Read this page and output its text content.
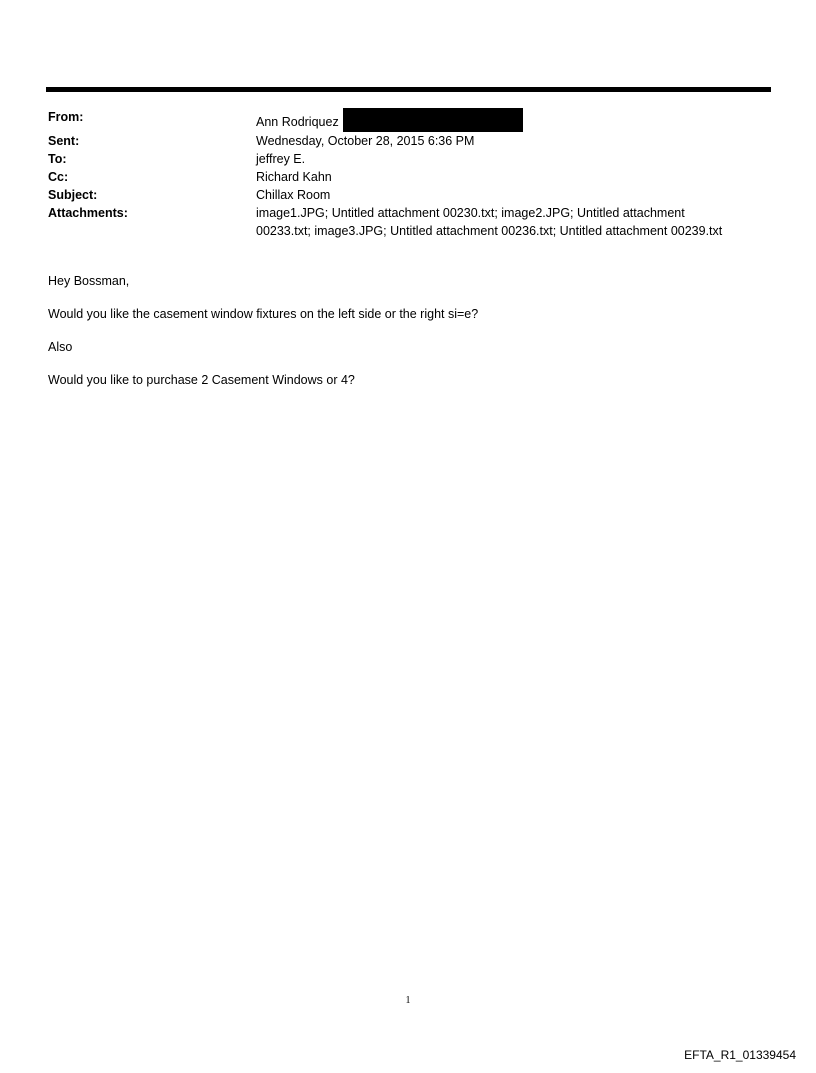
From:	Ann Rodriquez
Sent:	Wednesday, October 28, 2015 6:36 PM
To:	jeffrey E.
Cc:	Richard Kahn
Subject:	Chillax Room
Attachments:	image1.JPG; Untitled attachment 00230.txt; image2.JPG; Untitled attachment
00233.txt; image3.JPG; Untitled attachment 00236.txt; Untitled attachment 00239.txt

Hey Bossman,

Would you like the casement window fixtures on the left side or the right si=e?

Also

Would you like to purchase 2 Casement Windows or 4?

1
EFTA_R1_01339454
